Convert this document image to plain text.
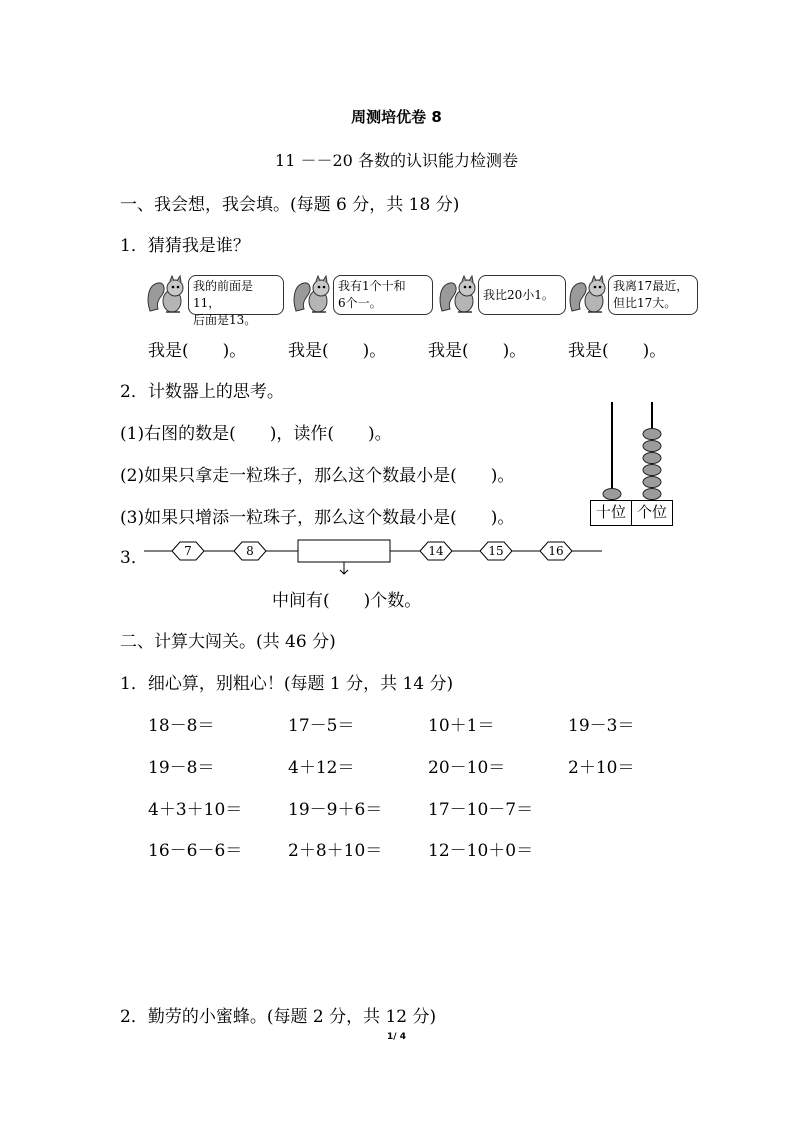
周测培优卷 8
11 －－20 各数的认识能力检测卷
一、我会想，我会填。(每题 6 分，共 18 分)
1．猜猜我是谁？
我的前面是11，
后面是13。
我有1个十和
6个一。
我比20小1。
我离17最近，
但比17大。
我是(　　)。 我是(　　)。 我是(　　)。 我是(　　)。
2．计数器上的思考。
(1)右图的数是(　　)，读作(　　)。
(2)如果只拿走一粒珠子，那么这个数最小是(　　)。
(3)如果只增添一粒珠子，那么这个数最小是(　　)。	十位 个位
3．	7	8	14	15	16
中间有(　　)个数。
二、计算大闯关。(共 46 分)
1．细心算，别粗心！(每题 1 分，共 14 分)
18－8＝	17－5＝	10＋1＝	19－3＝
19－8＝	4＋12＝	20－10＝	2＋10＝
4＋3＋10＝	19－9＋6＝	17－10－7＝
16－6－6＝	2＋8＋10＝	12－10＋0＝
2．勤劳的小蜜蜂。(每题 2 分，共 12 分)
1/ 4
